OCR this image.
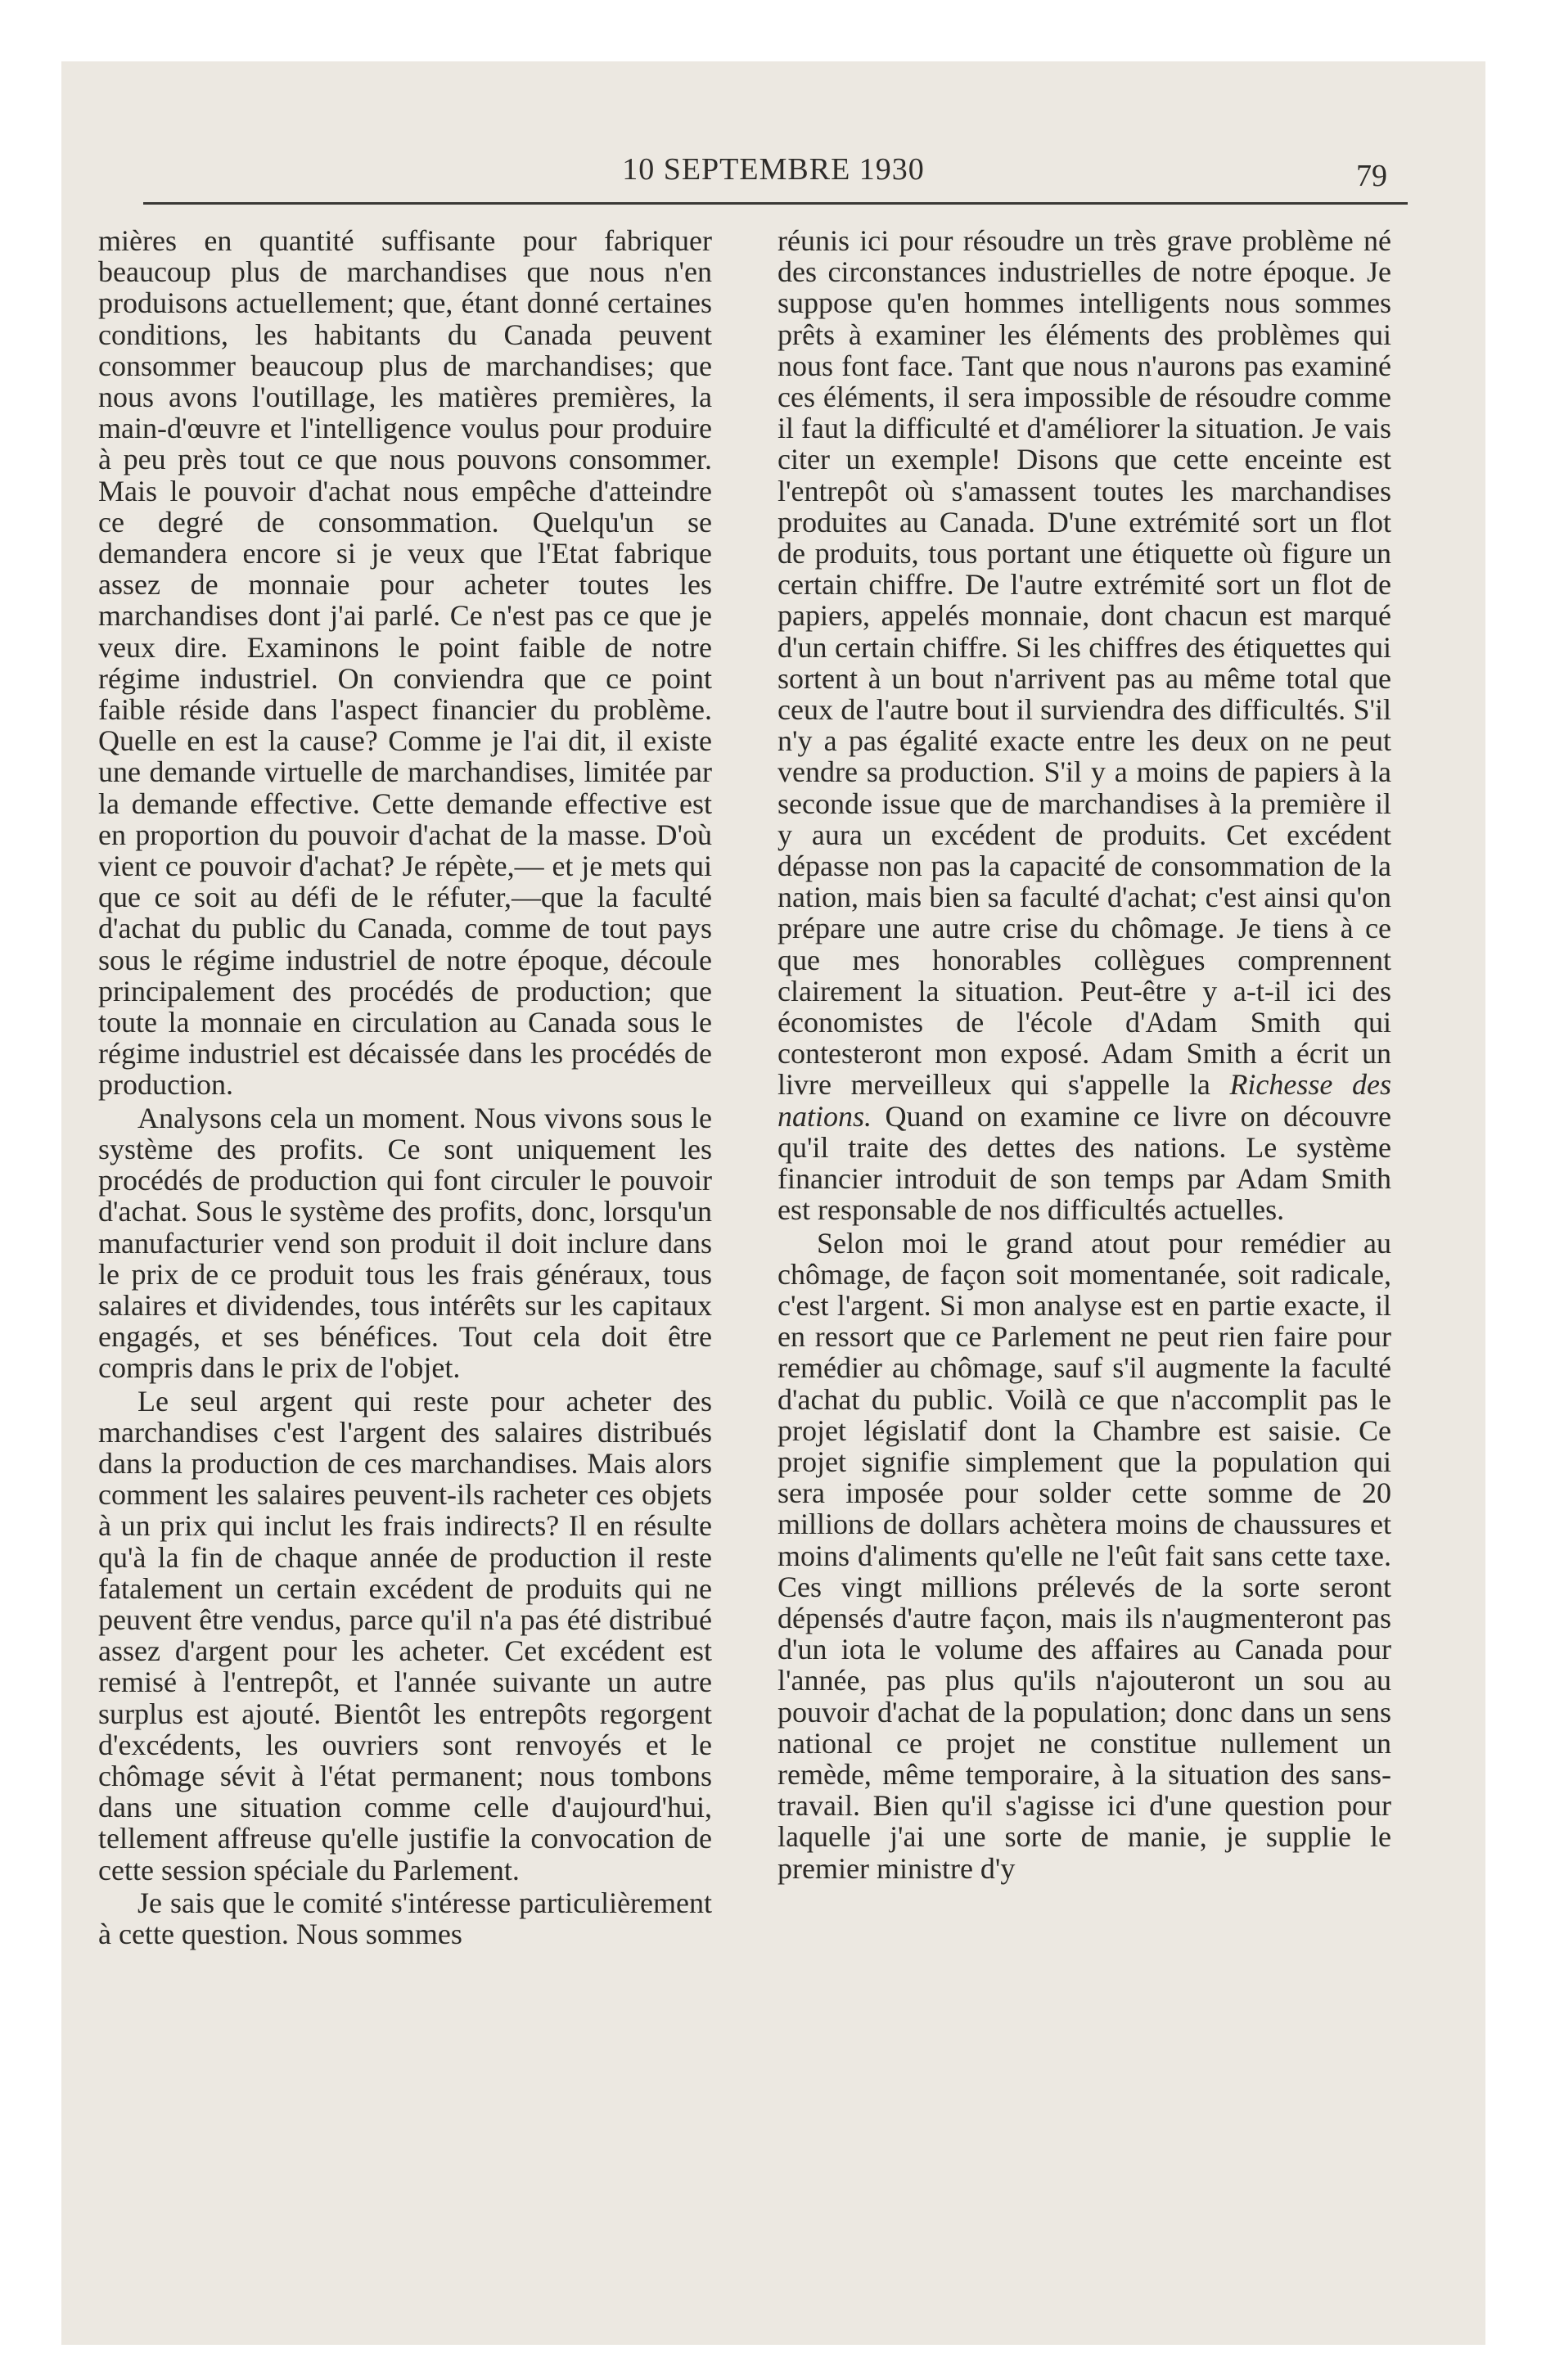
10 SEPTEMBRE 1930	79

mières en quantité suffisante pour fabriquer beaucoup plus de marchandises que nous n'en produisons actuellement; que, étant donné certaines conditions, les habitants du Canada peuvent consommer beaucoup plus de marchandises; que nous avons l'outillage, les matières premières, la main-d'œuvre et l'intelligence voulus pour produire à peu près tout ce que nous pouvons consommer. Mais le pouvoir d'achat nous empêche d'atteindre ce degré de consommation. Quelqu'un se demandera encore si je veux que l'Etat fabrique assez de monnaie pour acheter toutes les marchandises dont j'ai parlé. Ce n'est pas ce que je veux dire. Examinons le point faible de notre régime industriel. On conviendra que ce point faible réside dans l'aspect financier du problème. Quelle en est la cause? Comme je l'ai dit, il existe une demande virtuelle de marchandises, limitée par la demande effective. Cette demande effective est en proportion du pouvoir d'achat de la masse. D'où vient ce pouvoir d'achat? Je répète,— et je mets qui que ce soit au défi de le réfuter,—que la faculté d'achat du public du Canada, comme de tout pays sous le régime industriel de notre époque, découle principalement des procédés de production; que toute la monnaie en circulation au Canada sous le régime industriel est décaissée dans les procédés de production.

Analysons cela un moment. Nous vivons sous le système des profits. Ce sont uniquement les procédés de production qui font circuler le pouvoir d'achat. Sous le système des profits, donc, lorsqu'un manufacturier vend son produit il doit inclure dans le prix de ce produit tous les frais généraux, tous salaires et dividendes, tous intérêts sur les capitaux engagés, et ses bénéfices. Tout cela doit être compris dans le prix de l'objet.

Le seul argent qui reste pour acheter des marchandises c'est l'argent des salaires distribués dans la production de ces marchandises. Mais alors comment les salaires peuvent-ils racheter ces objets à un prix qui inclut les frais indirects? Il en résulte qu'à la fin de chaque année de production il reste fatalement un certain excédent de produits qui ne peuvent être vendus, parce qu'il n'a pas été distribué assez d'argent pour les acheter. Cet excédent est remisé à l'entrepôt, et l'année suivante un autre surplus est ajouté. Bientôt les entrepôts regorgent d'excédents, les ouvriers sont renvoyés et le chômage sévit à l'état permanent; nous tombons dans une situation comme celle d'aujourd'hui, tellement affreuse qu'elle justifie la convocation de cette session spéciale du Parlement.

Je sais que le comité s'intéresse particulièrement à cette question. Nous sommes

réunis ici pour résoudre un très grave problème né des circonstances industrielles de notre époque. Je suppose qu'en hommes intelligents nous sommes prêts à examiner les éléments des problèmes qui nous font face. Tant que nous n'aurons pas examiné ces éléments, il sera impossible de résoudre comme il faut la difficulté et d'améliorer la situation. Je vais citer un exemple! Disons que cette enceinte est l'entrepôt où s'amassent toutes les marchandises produites au Canada. D'une extrémité sort un flot de produits, tous portant une étiquette où figure un certain chiffre. De l'autre extrémité sort un flot de papiers, appelés monnaie, dont chacun est marqué d'un certain chiffre. Si les chiffres des étiquettes qui sortent à un bout n'arrivent pas au même total que ceux de l'autre bout il surviendra des difficultés. S'il n'y a pas égalité exacte entre les deux on ne peut vendre sa production. S'il y a moins de papiers à la seconde issue que de marchandises à la première il y aura un excédent de produits. Cet excédent dépasse non pas la capacité de consommation de la nation, mais bien sa faculté d'achat; c'est ainsi qu'on prépare une autre crise du chômage. Je tiens à ce que mes honorables collègues comprennent clairement la situation. Peut-être y a-t-il ici des économistes de l'école d'Adam Smith qui contesteront mon exposé. Adam Smith a écrit un livre merveilleux qui s'appelle la Richesse des nations. Quand on examine ce livre on découvre qu'il traite des dettes des nations. Le système financier introduit de son temps par Adam Smith est responsable de nos difficultés actuelles.

Selon moi le grand atout pour remédier au chômage, de façon soit momentanée, soit radicale, c'est l'argent. Si mon analyse est en partie exacte, il en ressort que ce Parlement ne peut rien faire pour remédier au chômage, sauf s'il augmente la faculté d'achat du public. Voilà ce que n'accomplit pas le projet législatif dont la Chambre est saisie. Ce projet signifie simplement que la population qui sera imposée pour solder cette somme de 20 millions de dollars achètera moins de chaussures et moins d'aliments qu'elle ne l'eût fait sans cette taxe. Ces vingt millions prélevés de la sorte seront dépensés d'autre façon, mais ils n'augmenteront pas d'un iota le volume des affaires au Canada pour l'année, pas plus qu'ils n'ajouteront un sou au pouvoir d'achat de la population; donc dans un sens national ce projet ne constitue nullement un remède, même temporaire, à la situation des sans-travail. Bien qu'il s'agisse ici d'une question pour laquelle j'ai une sorte de manie, je supplie le premier ministre d'y
